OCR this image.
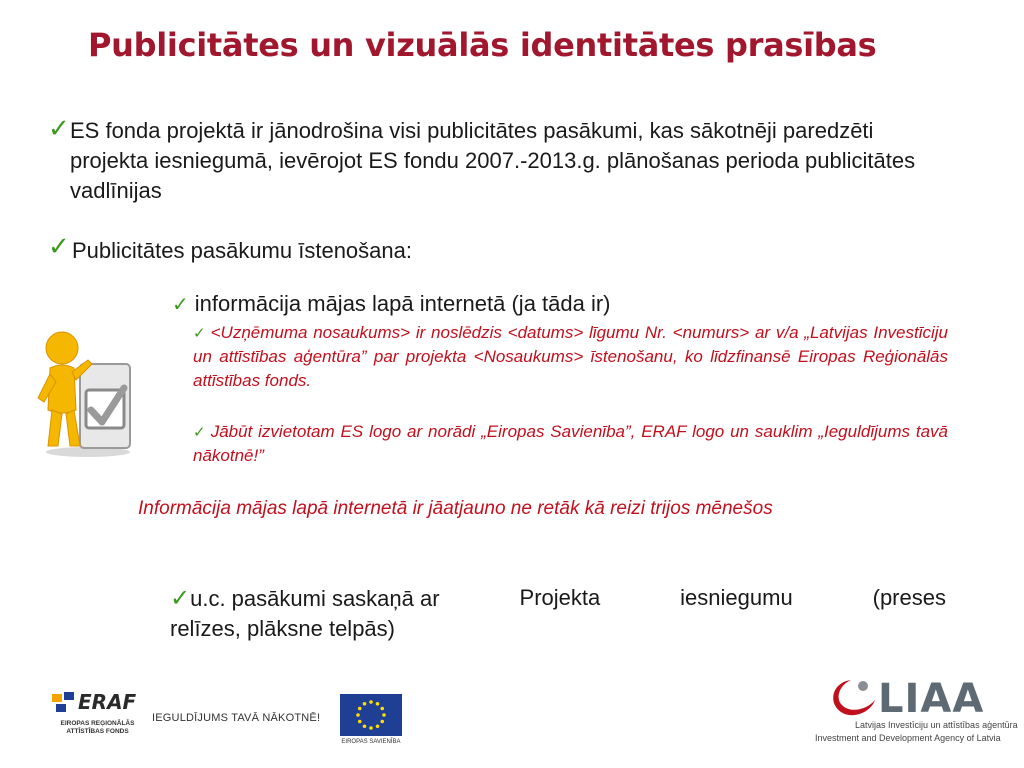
Publicitātes un vizuālās identitātes prasības
✓ ES fonda projektā ir jānodrošina visi publicitātes pasākumi, kas sākotnēji paredzēti projekta iesniegumā, ievērojot ES fondu 2007.-2013.g. plānošanas perioda publicitātes vadlīnijas
✓ Publicitātes pasākumu īstenošana:
✓ informācija mājas lapā internetā (ja tāda ir)
✓ <Uzņēmuma nosaukums> ir noslēdzis <datums> līgumu Nr. <numurs> ar v/a „Latvijas Investīciju un attīstības aģentūra” par projekta <Nosaukums> īstenošanu, ko līdzfinansē Eiropas Reģionālās attīstības fonds.
✓ Jābūt izvietotam ES logo ar norādi „Eiropas Savienība”, ERAF logo un sauklim „Ieguldījums tavā nākotnē!”
Informācija mājas lapā internetā ir jāatjauno ne retāk kā reizi trijos mēnešos
✓u.c. pasākumi saskaņā ar	Projekta	iesniegumu	(preses
relīzes, plāksne telpās)
ERAF
EIROPAS REĢIONĀLĀS ATTĪSTĪBAS FONDS
IEGULDĪJUMS TAVĀ NĀKOTNĒ!
EIROPAS SAVIENĪBA
LIAA
Latvijas Investīciju un attīstības aģentūra
Investment and Development Agency of Latvia
